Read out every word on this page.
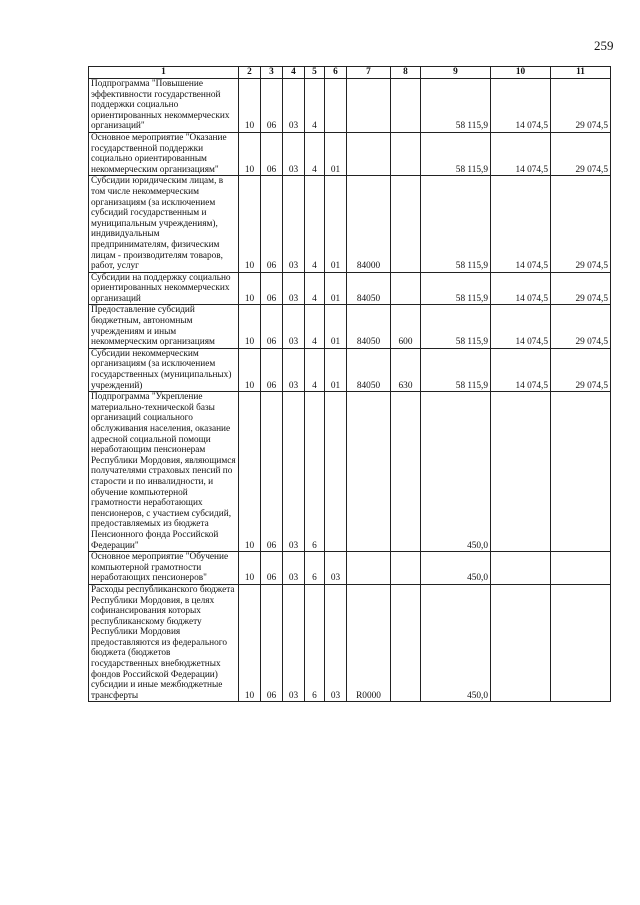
259
1	2	3	4	5	6	7	8	9	10	11
Подпрограмма "Повышение эффективности государственной поддержки социально ориентированных некоммерческих организаций"	10	06	03	4				58 115,9	14 074,5	29 074,5
Основное мероприятие "Оказание государственной поддержки социально ориентированным некоммерческим организациям"	10	06	03	4	01			58 115,9	14 074,5	29 074,5
Субсидии юридическим лицам, в том числе некоммерческим организациям (за исключением субсидий государственным и муниципальным учреждениям), индивидуальным предпринимателям, физическим лицам - производителям товаров, работ, услуг	10	06	03	4	01	84000		58 115,9	14 074,5	29 074,5
Субсидии на поддержку социально ориентированных некоммерческих организаций	10	06	03	4	01	84050		58 115,9	14 074,5	29 074,5
Предоставление субсидий бюджетным, автономным учреждениям и иным некоммерческим организациям	10	06	03	4	01	84050	600	58 115,9	14 074,5	29 074,5
Субсидии некоммерческим организациям (за исключением государственных (муниципальных) учреждений)	10	06	03	4	01	84050	630	58 115,9	14 074,5	29 074,5
Подпрограмма "Укрепление материально-технической базы организаций социального обслуживания населения, оказание адресной социальной помощи неработающим пенсионерам Республики Мордовия, являющимся получателями страховых пенсий по старости и по инвалидности, и обучение компьютерной грамотности неработающих пенсионеров, с участием субсидий, предоставляемых из бюджета Пенсионного фонда Российской Федерации"	10	06	03	6				450,0		
Основное мероприятие "Обучение компьютерной грамотности неработающих пенсионеров"	10	06	03	6	03			450,0		
Расходы республиканского бюджета Республики Мордовия, в целях софинансирования которых республиканскому бюджету Республики Мордовия предоставляются из федерального бюджета (бюджетов государственных внебюджетных фондов Российской Федерации) субсидии и иные межбюджетные трансферты	10	06	03	6	03	R0000		450,0		
